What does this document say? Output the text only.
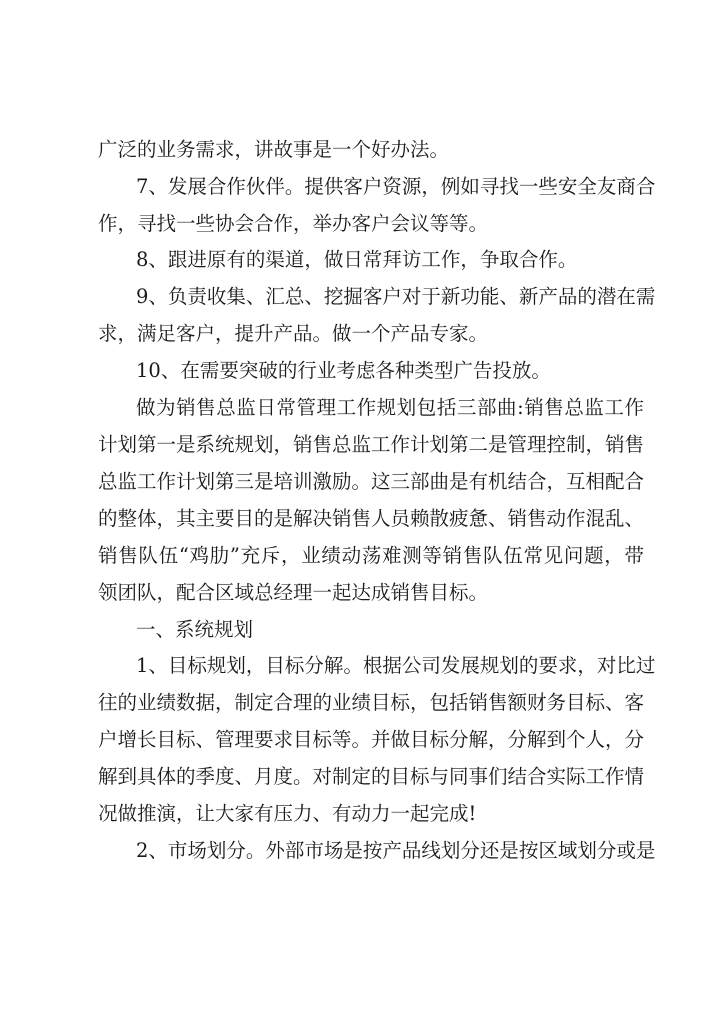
广泛的业务需求，讲故事是一个好办法。
7、发展合作伙伴。提供客户资源，例如寻找一些安全友商合
作，寻找一些协会合作，举办客户会议等等。
8、跟进原有的渠道，做日常拜访工作，争取合作。
9、负责收集、汇总、挖掘客户对于新功能、新产品的潜在需
求，满足客户，提升产品。做一个产品专家。
10、在需要突破的行业考虑各种类型广告投放。
做为销售总监日常管理工作规划包括三部曲:销售总监工作
计划第一是系统规划，销售总监工作计划第二是管理控制，销售
总监工作计划第三是培训激励。这三部曲是有机结合，互相配合
的整体，其主要目的是解决销售人员赖散疲惫、销售动作混乱、
销售队伍“鸡肋”充斥，业绩动荡难测等销售队伍常见问题，带
领团队，配合区域总经理一起达成销售目标。
一、系统规划
1、目标规划，目标分解。根据公司发展规划的要求，对比过
往的业绩数据，制定合理的业绩目标，包括销售额财务目标、客
户增长目标、管理要求目标等。并做目标分解，分解到个人，分
解到具体的季度、月度。对制定的目标与同事们结合实际工作情
况做推演，让大家有压力、有动力一起完成!
2、市场划分。外部市场是按产品线划分还是按区域划分或是
